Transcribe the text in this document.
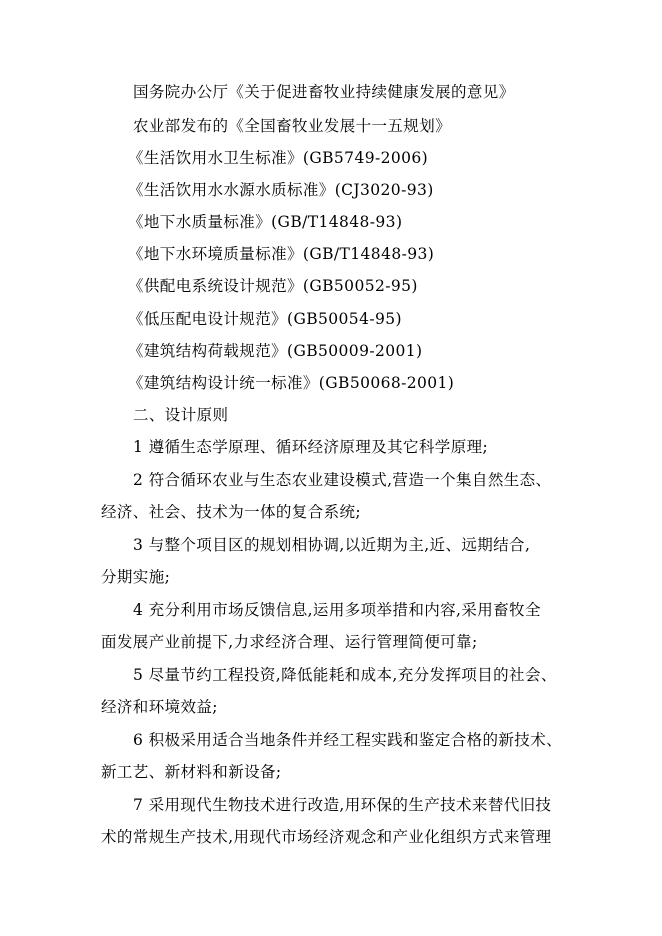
国务院办公厅《关于促进畜牧业持续健康发展的意见》
农业部发布的《全国畜牧业发展十一五规划》
《生活饮用水卫生标准》(GB5749-2006)
《生活饮用水水源水质标准》(CJ3020-93)
《地下水质量标准》(GB/T14848-93)
《地下水环境质量标准》(GB/T14848-93)
《供配电系统设计规范》(GB50052-95)
《低压配电设计规范》(GB50054-95)
《建筑结构荷载规范》(GB50009-2001)
《建筑结构设计统一标准》(GB50068-2001)
二、设计原则
1 遵循生态学原理、循环经济原理及其它科学原理;
2 符合循环农业与生态农业建设模式,营造一个集自然生态、
经济、社会、技术为一体的复合系统;
3 与整个项目区的规划相协调,以近期为主,近、远期结合,
分期实施;
4 充分利用市场反馈信息,运用多项举措和内容,采用畜牧全
面发展产业前提下,力求经济合理、运行管理简便可靠;
5 尽量节约工程投资,降低能耗和成本,充分发挥项目的社会、
经济和环境效益;
6 积极采用适合当地条件并经工程实践和鉴定合格的新技术、
新工艺、新材料和新设备;
7 采用现代生物技术进行改造,用环保的生产技术来替代旧技
术的常规生产技术,用现代市场经济观念和产业化组织方式来管理
